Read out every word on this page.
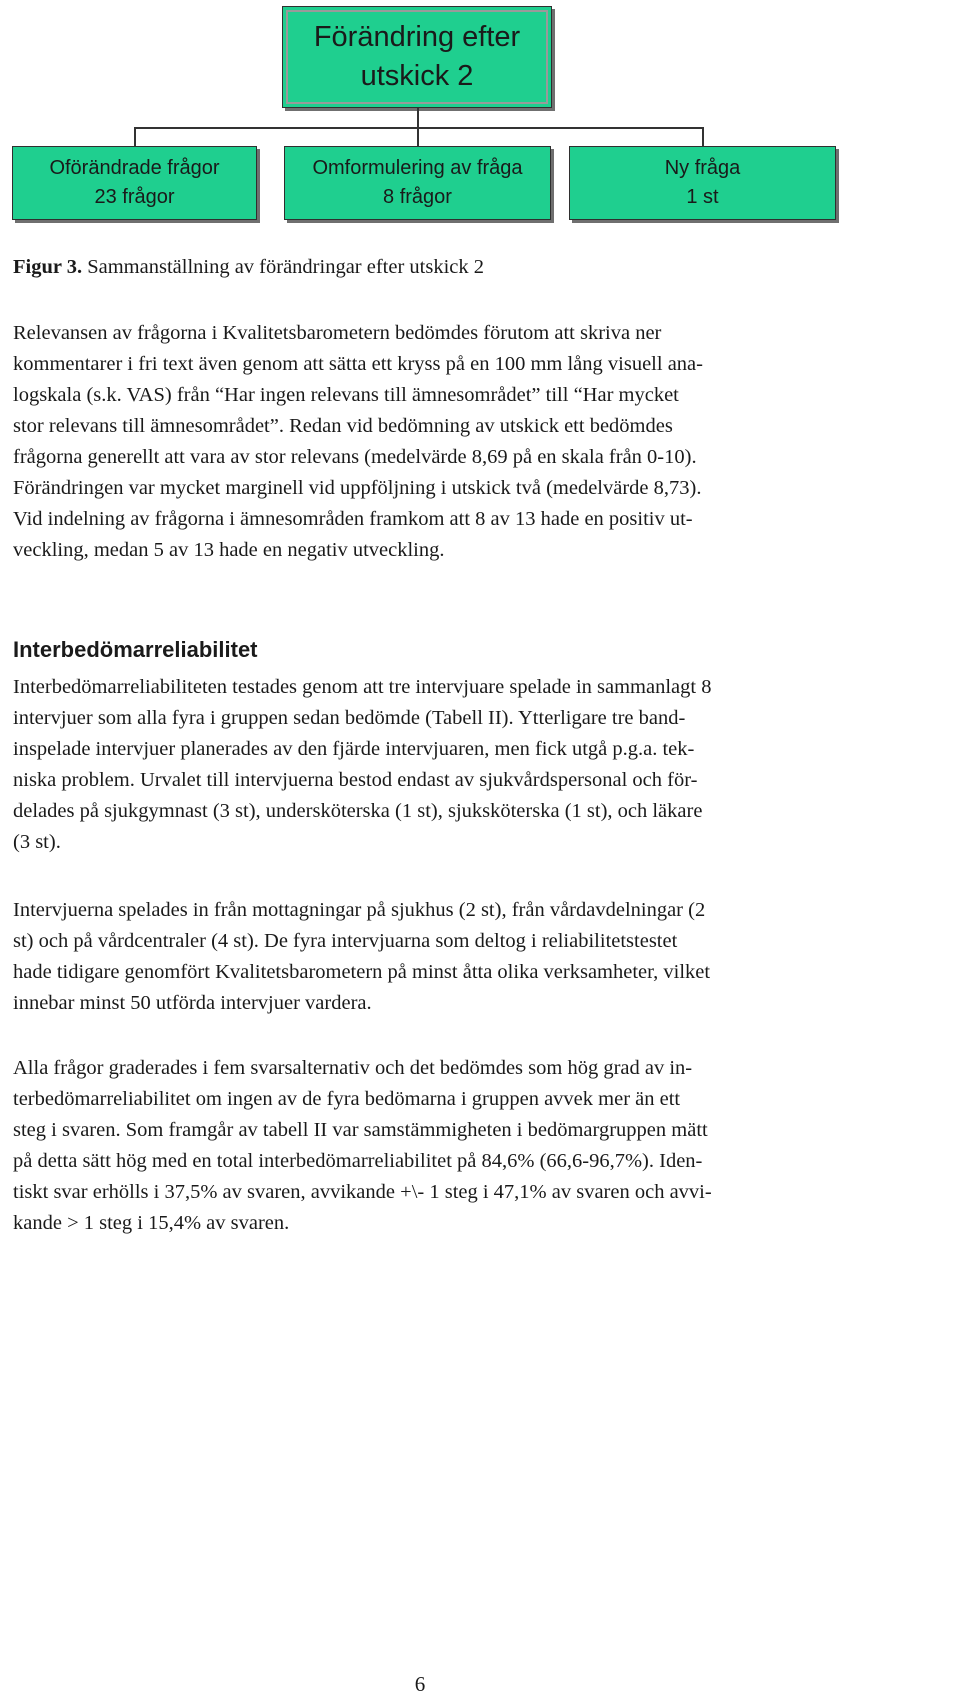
Förändring efter
utskick 2
Oförändrade frågor
23 frågor
Omformulering av fråga
8 frågor
Ny fråga
1 st

Figur 3. Sammanställning av förändringar efter utskick 2

Relevansen av frågorna i Kvalitetsbarometern bedömdes förutom att skriva ner
kommentarer i fri text även genom att sätta ett kryss på en 100 mm lång visuell ana-
logskala (s.k. VAS) från “Har ingen relevans till ämnesområdet” till “Har mycket
stor relevans till ämnesområdet”. Redan vid bedömning av utskick ett bedömdes
frågorna generellt att vara av stor relevans (medelvärde 8,69 på en skala från 0-10).
Förändringen var mycket marginell vid uppföljning i utskick två (medelvärde 8,73).
Vid indelning av frågorna i ämnesområden framkom att 8 av 13 hade en positiv ut-
veckling, medan 5 av 13 hade en negativ utveckling.
Interbedömarreliabilitet
Interbedömarreliabiliteten testades genom att tre intervjuare spelade in sammanlagt 8
intervjuer som alla fyra i gruppen sedan bedömde (Tabell II). Ytterligare tre band-
inspelade intervjuer planerades av den fjärde intervjuaren, men fick utgå p.g.a. tek-
niska problem. Urvalet till intervjuerna bestod endast av sjukvårdspersonal och för-
delades på sjukgymnast (3 st), undersköterska (1 st), sjuksköterska (1 st), och läkare
(3 st).
Intervjuerna spelades in från mottagningar på sjukhus (2 st), från vårdavdelningar (2
st) och på vårdcentraler (4 st). De fyra intervjuarna som deltog i reliabilitetstestet
hade tidigare genomfört Kvalitetsbarometern på minst åtta olika verksamheter, vilket
innebar minst 50 utförda intervjuer vardera.
Alla frågor graderades i fem svarsalternativ och det bedömdes som hög grad av in-
terbedömarreliabilitet om ingen av de fyra bedömarna i gruppen avvek mer än ett
steg i svaren. Som framgår av tabell II var samstämmigheten i bedömargruppen mätt
på detta sätt hög med en total interbedömarreliabilitet på 84,6% (66,6-96,7%). Iden-
tiskt svar erhölls i 37,5% av svaren, avvikande +\- 1 steg i 47,1% av svaren och avvi-
kande > 1 steg i 15,4% av svaren.
6
